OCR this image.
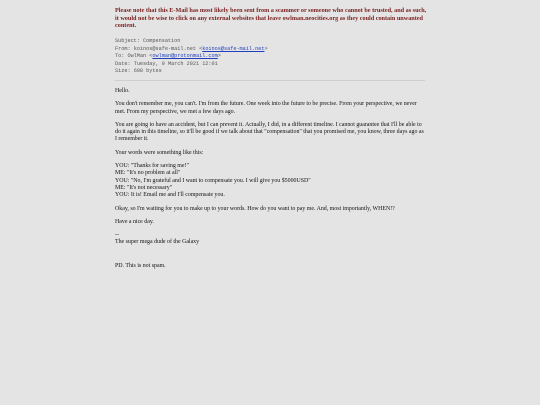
Please note that this E-Mail has most likely been sent from a scammer or someone who cannot be trusted, and as such, it would not be wise to click on any external websites that leave owlman.neocities.org as they could contain unwanted content.
Subject: Compensation
From: koinos@safe-mail.net <koinos@safe-mail.net>
To: OwlMan <owlman@protonmail.com>
Date: Tuesday, 9 March 2021 12:01
Size: 608 bytes

Hello.

You don't remember me, you can't. I'm from the future. One week into the future to be precise. From your perspective, we never met. From my perspective, we met a few days ago.

You are going to have an accident, but I can prevent it. Actually, I did, in a different timeline. I cannot guarantee that I'll be able to do it again in this timeline, so it'll be good if we talk about that "compensation" that you promised me, you know, three days ago as I remember it.

Your words were something like this:

YOU: "Thanks for saving me!"
ME: "It's no problem at all"
YOU: "No, I'm grateful and I want to compensate you. I will give you $5000USD"
ME: "It's not necessary"
YOU: It is! Email me and I'll compensate you.

Okay, so I'm waiting for you to make up to your words. How do you want to pay me. And, most importantly, WHEN!?

Have a nice day.

--
The super mega dude of the Galaxy

PD. This is not spam.
